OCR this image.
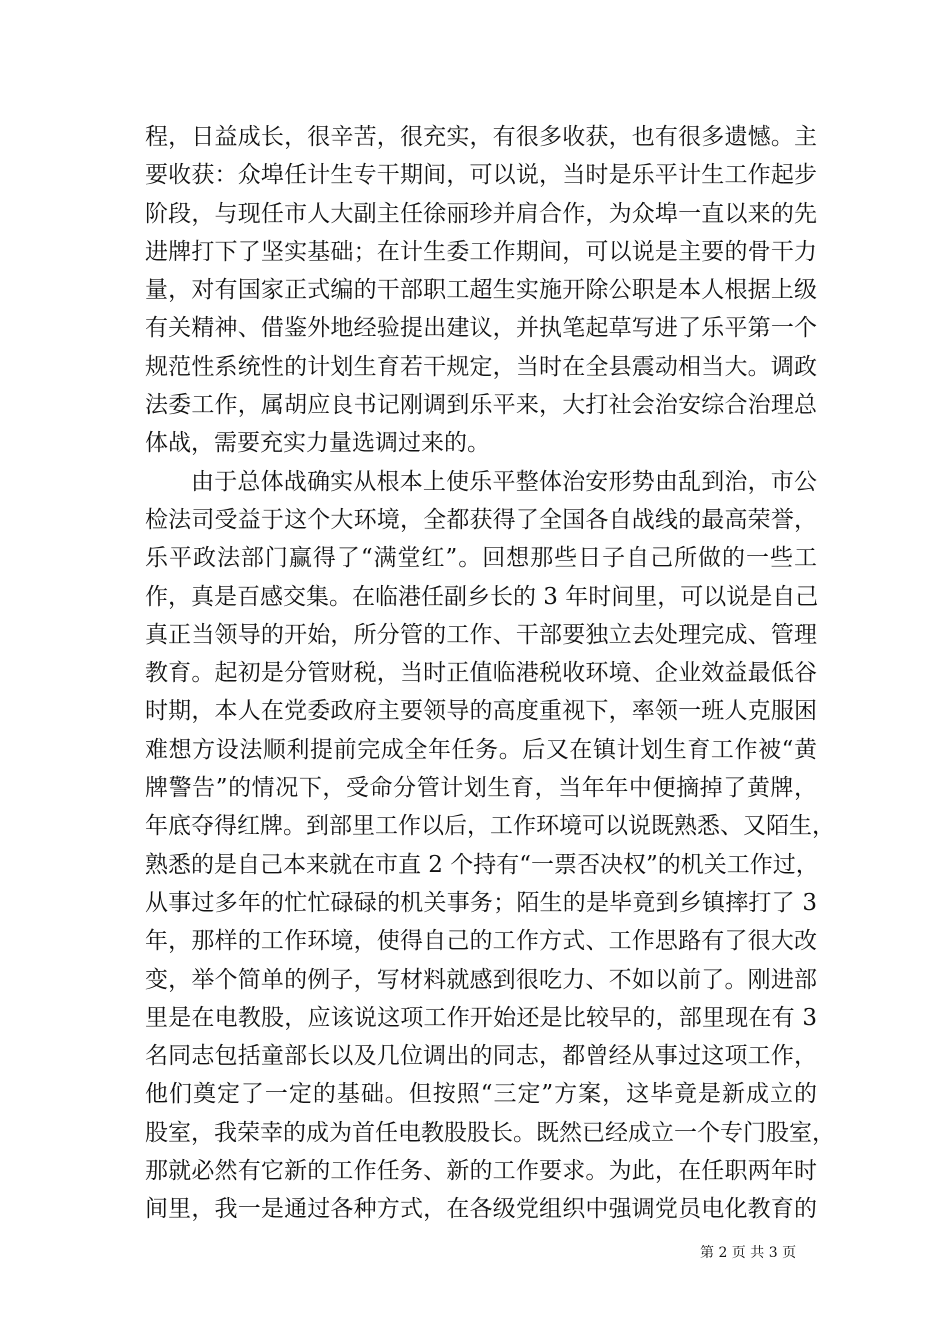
程，日益成长，很辛苦，很充实，有很多收获，也有很多遗憾。主
要收获：众埠任计生专干期间，可以说，当时是乐平计生工作起步
阶段，与现任市人大副主任徐丽珍并肩合作，为众埠一直以来的先
进牌打下了坚实基础；在计生委工作期间，可以说是主要的骨干力
量，对有国家正式编的干部职工超生实施开除公职是本人根据上级
有关精神、借鉴外地经验提出建议，并执笔起草写进了乐平第一个
规范性系统性的计划生育若干规定，当时在全县震动相当大。调政
法委工作，属胡应良书记刚调到乐平来，大打社会治安综合治理总
体战，需要充实力量选调过来的。
由于总体战确实从根本上使乐平整体治安形势由乱到治，市公
检法司受益于这个大环境，全都获得了全国各自战线的最高荣誉，
乐平政法部门赢得了“满堂红”。回想那些日子自己所做的一些工
作，真是百感交集。在临港任副乡长的 3 年时间里，可以说是自己
真正当领导的开始，所分管的工作、干部要独立去处理完成、管理
教育。起初是分管财税，当时正值临港税收环境、企业效益最低谷
时期，本人在党委政府主要领导的高度重视下，率领一班人克服困
难想方设法顺利提前完成全年任务。后又在镇计划生育工作被“黄
牌警告”的情况下，受命分管计划生育，当年年中便摘掉了黄牌，
年底夺得红牌。到部里工作以后，工作环境可以说既熟悉、又陌生，
熟悉的是自己本来就在市直 2 个持有“一票否决权”的机关工作过，
从事过多年的忙忙碌碌的机关事务；陌生的是毕竟到乡镇摔打了 3
年，那样的工作环境，使得自己的工作方式、工作思路有了很大改
变，举个简单的例子，写材料就感到很吃力、不如以前了。刚进部
里是在电教股，应该说这项工作开始还是比较早的，部里现在有 3
名同志包括童部长以及几位调出的同志，都曾经从事过这项工作，
他们奠定了一定的基础。但按照“三定”方案，这毕竟是新成立的
股室，我荣幸的成为首任电教股股长。既然已经成立一个专门股室，
那就必然有它新的工作任务、新的工作要求。为此，在任职两年时
间里，我一是通过各种方式，在各级党组织中强调党员电化教育的
第 2 页 共 3 页
